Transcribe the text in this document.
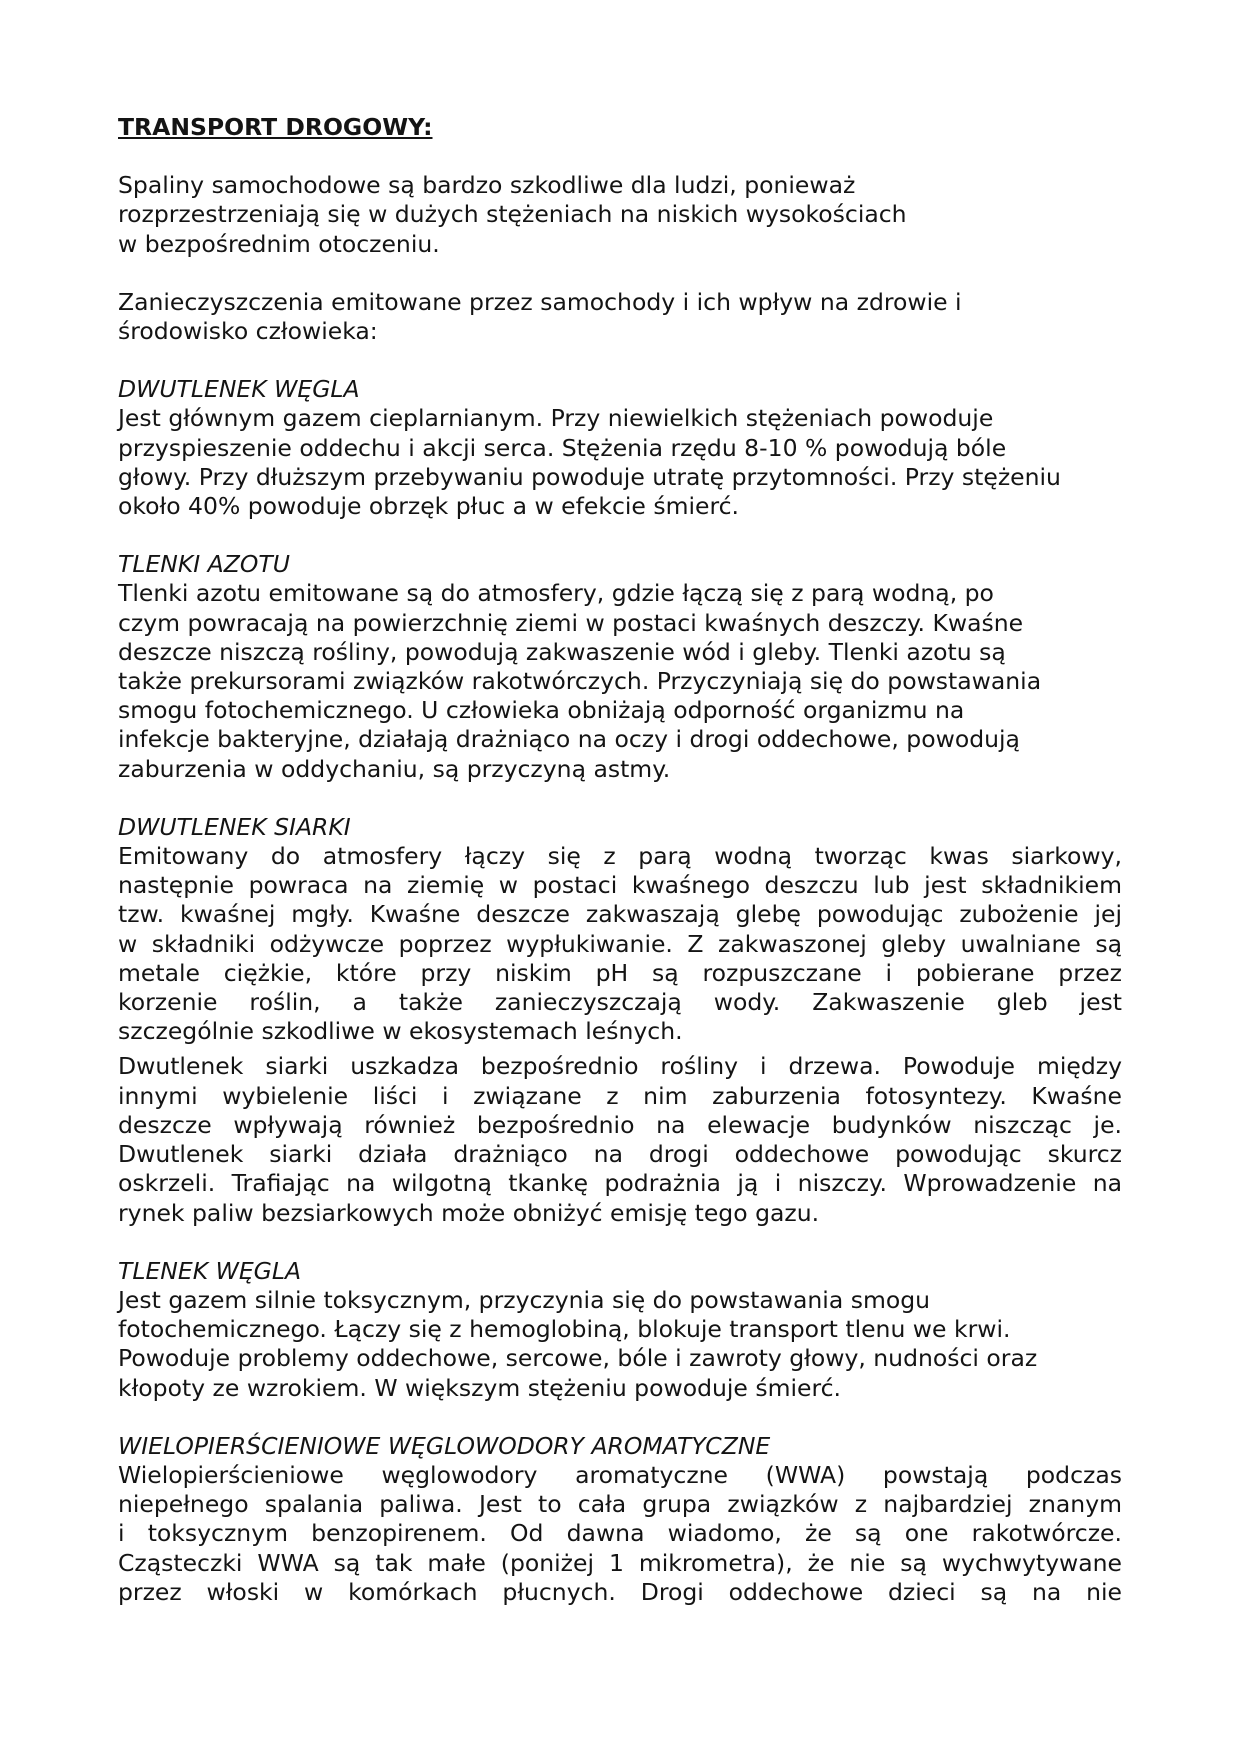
TRANSPORT DROGOWY:
Spaliny samochodowe są bardzo szkodliwe dla ludzi, ponieważ
rozprzestrzeniają się w dużych stężeniach na niskich wysokościach
w bezpośrednim otoczeniu.
Zanieczyszczenia emitowane przez samochody i ich wpływ na zdrowie i
środowisko człowieka:
DWUTLENEK WĘGLA
Jest głównym gazem cieplarnianym. Przy niewielkich stężeniach powoduje
przyspieszenie oddechu i akcji serca. Stężenia rzędu 8-10 % powodują bóle
głowy. Przy dłuższym przebywaniu powoduje utratę przytomności. Przy stężeniu
około 40% powoduje obrzęk płuc a w efekcie śmierć.
TLENKI AZOTU
Tlenki azotu emitowane są do atmosfery, gdzie łączą się z parą wodną, po
czym powracają na powierzchnię ziemi w postaci kwaśnych deszczy. Kwaśne
deszcze niszczą rośliny, powodują zakwaszenie wód i gleby. Tlenki azotu są
także prekursorami związków rakotwórczych. Przyczyniają się do powstawania
smogu fotochemicznego. U człowieka obniżają odporność organizmu na
infekcje bakteryjne, działają drażniąco na oczy i drogi oddechowe, powodują
zaburzenia w oddychaniu, są przyczyną astmy.
DWUTLENEK SIARKI
Emitowany do atmosfery łączy się z parą wodną tworząc kwas siarkowy,
następnie powraca na ziemię w postaci kwaśnego deszczu lub jest składnikiem
tzw. kwaśnej mgły. Kwaśne deszcze zakwaszają glebę powodując zubożenie jej
w składniki odżywcze poprzez wypłukiwanie. Z zakwaszonej gleby uwalniane są
metale ciężkie, które przy niskim pH są rozpuszczane i pobierane przez
korzenie roślin, a także zanieczyszczają wody. Zakwaszenie gleb jest
szczególnie szkodliwe w ekosystemach leśnych.
Dwutlenek siarki uszkadza bezpośrednio rośliny i drzewa. Powoduje między
innymi wybielenie liści i związane z nim zaburzenia fotosyntezy. Kwaśne
deszcze wpływają również bezpośrednio na elewacje budynków niszcząc je.
Dwutlenek siarki działa drażniąco na drogi oddechowe powodując skurcz
oskrzeli. Trafiając na wilgotną tkankę podrażnia ją i niszczy. Wprowadzenie na
rynek paliw bezsiarkowych może obniżyć emisję tego gazu.
TLENEK WĘGLA
Jest gazem silnie toksycznym, przyczynia się do powstawania smogu
fotochemicznego. Łączy się z hemoglobiną, blokuje transport tlenu we krwi.
Powoduje problemy oddechowe, sercowe, bóle i zawroty głowy, nudności oraz
kłopoty ze wzrokiem. W większym stężeniu powoduje śmierć.
WIELOPIERŚCIENIOWE WĘGLOWODORY AROMATYCZNE
Wielopierścieniowe węglowodory aromatyczne (WWA) powstają podczas
niepełnego spalania paliwa. Jest to cała grupa związków z najbardziej znanym
i toksycznym benzopirenem. Od dawna wiadomo, że są one rakotwórcze.
Cząsteczki WWA są tak małe (poniżej 1 mikrometra), że nie są wychwytywane
przez włoski w komórkach płucnych. Drogi oddechowe dzieci są na nie
